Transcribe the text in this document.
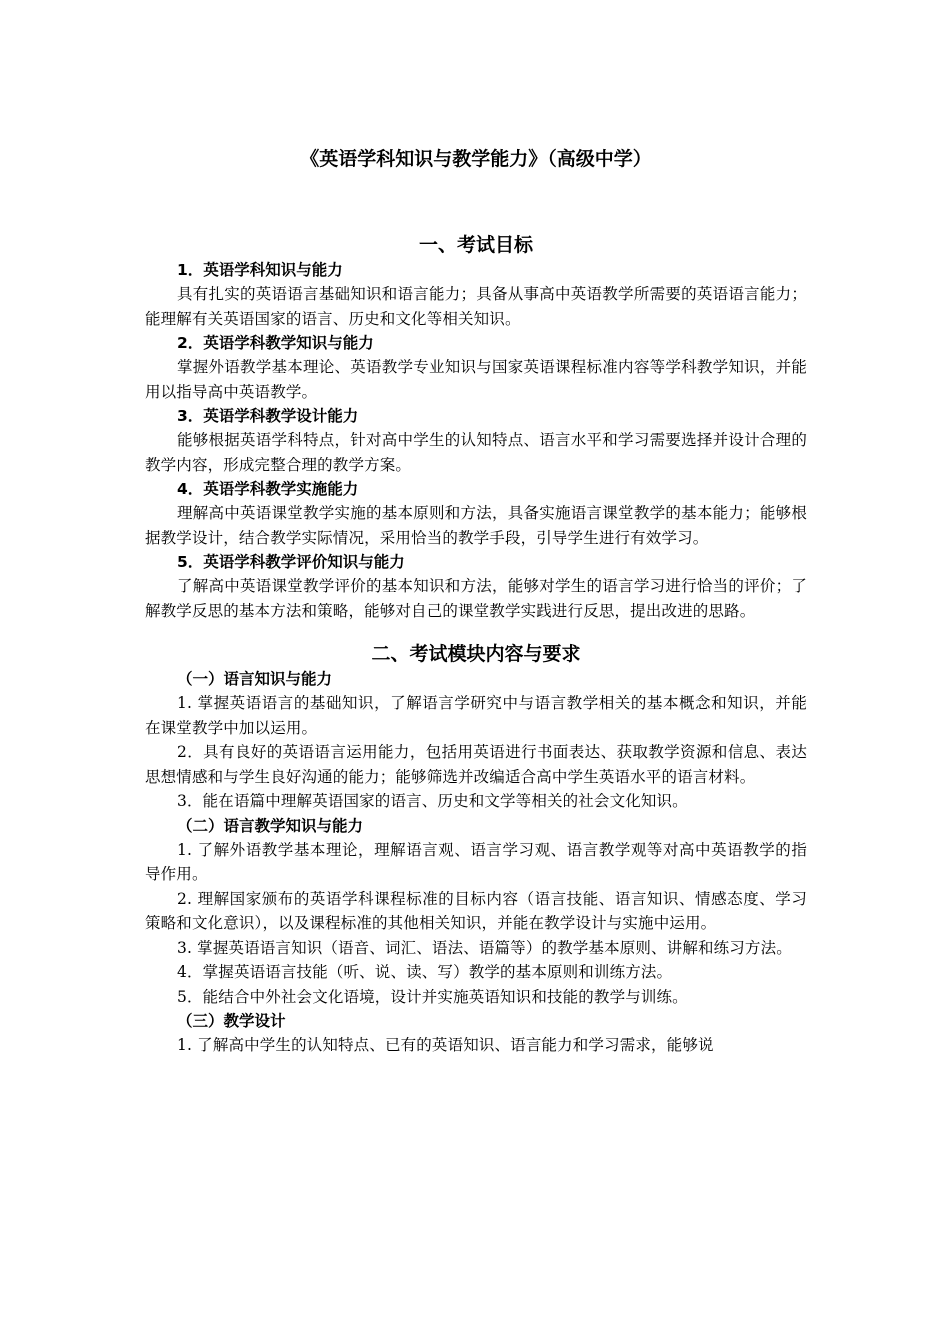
《英语学科知识与教学能力》（高级中学）
一、考试目标

1．英语学科知识与能力

具有扎实的英语语言基础知识和语言能力；具备从事高中英语教学所需要的英语语言能力；能理解有关英语国家的语言、历史和文化等相关知识。

2．英语学科教学知识与能力

掌握外语教学基本理论、英语教学专业知识与国家英语课程标准内容等学科教学知识，并能用以指导高中英语教学。

3．英语学科教学设计能力

能够根据英语学科特点，针对高中学生的认知特点、语言水平和学习需要选择并设计合理的教学内容，形成完整合理的教学方案。

4．英语学科教学实施能力

理解高中英语课堂教学实施的基本原则和方法，具备实施语言课堂教学的基本能力；能够根据教学设计，结合教学实际情况，采用恰当的教学手段，引导学生进行有效学习。

5．英语学科教学评价知识与能力

了解高中英语课堂教学评价的基本知识和方法，能够对学生的语言学习进行恰当的评价；了解教学反思的基本方法和策略，能够对自己的课堂教学实践进行反思，提出改进的思路。

二、考试模块内容与要求

（一）语言知识与能力

1. 掌握英语语言的基础知识，了解语言学研究中与语言教学相关的基本概念和知识，并能在课堂教学中加以运用。

2．具有良好的英语语言运用能力，包括用英语进行书面表达、获取教学资源和信息、表达思想情感和与学生良好沟通的能力；能够筛选并改编适合高中学生英语水平的语言材料。

3．能在语篇中理解英语国家的语言、历史和文学等相关的社会文化知识。

（二）语言教学知识与能力

1. 了解外语教学基本理论，理解语言观、语言学习观、语言教学观等对高中英语教学的指导作用。

2. 理解国家颁布的英语学科课程标准的目标内容（语言技能、语言知识、情感态度、学习策略和文化意识），以及课程标准的其他相关知识，并能在教学设计与实施中运用。

3. 掌握英语语言知识（语音、词汇、语法、语篇等）的教学基本原则、讲解和练习方法。

4．掌握英语语言技能（听、说、读、写）教学的基本原则和训练方法。

5．能结合中外社会文化语境，设计并实施英语知识和技能的教学与训练。

（三）教学设计

1. 了解高中学生的认知特点、已有的英语知识、语言能力和学习需求，能够说
